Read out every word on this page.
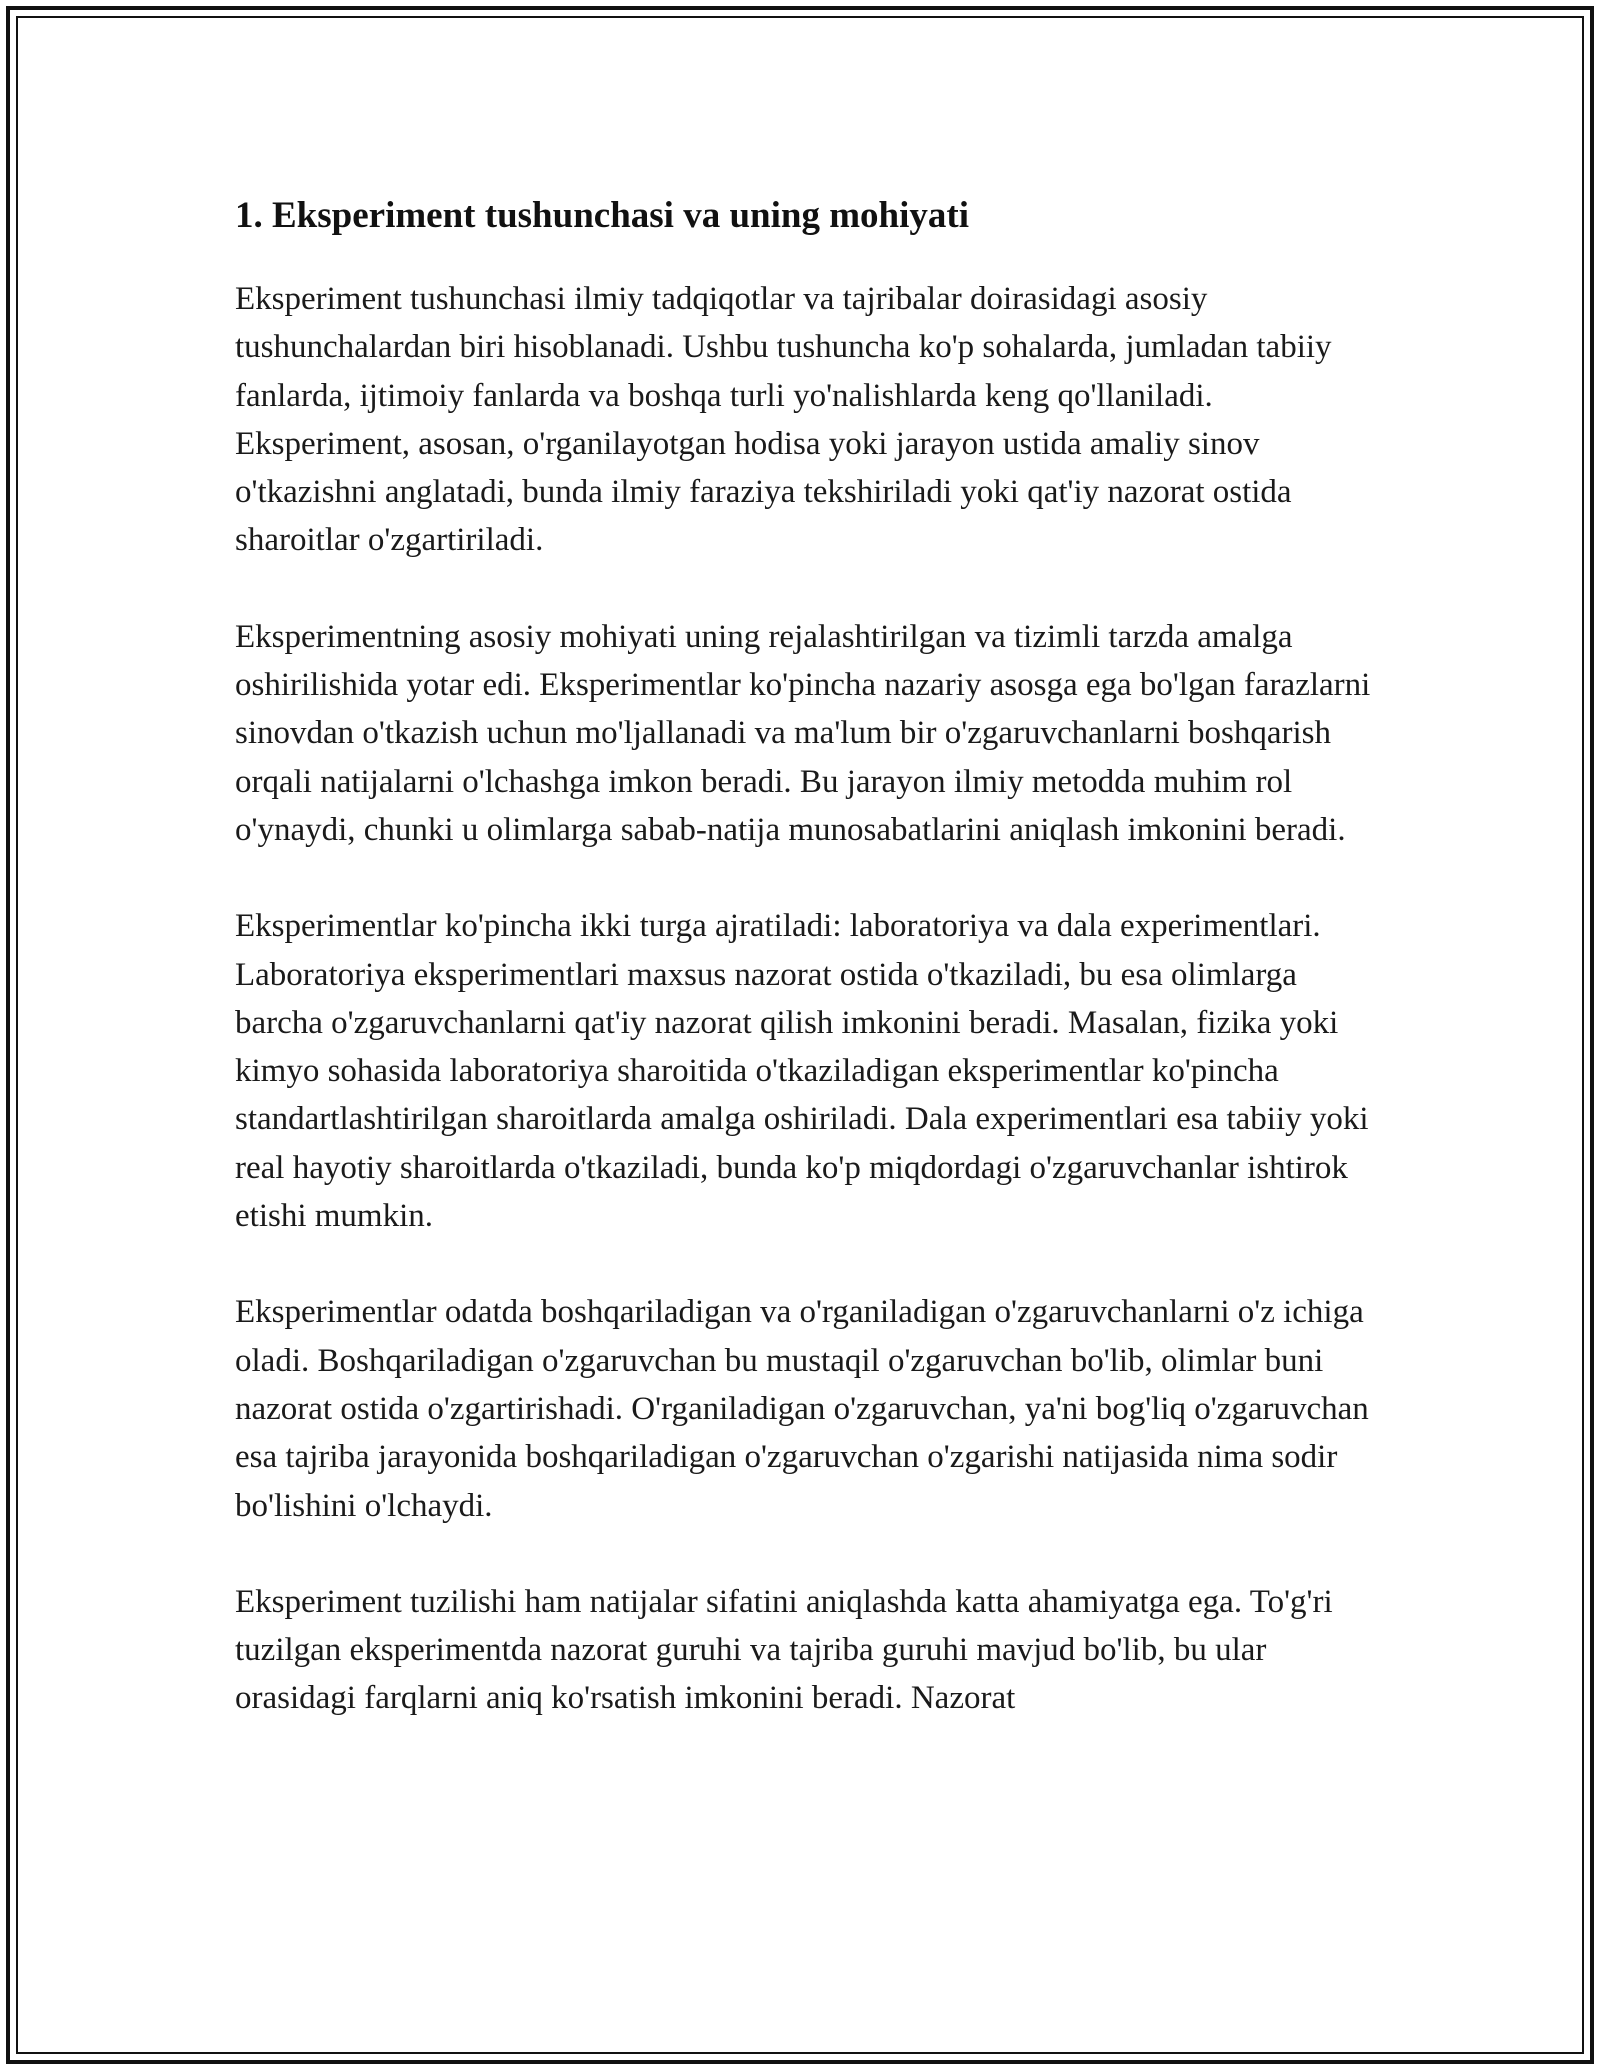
1. Eksperiment tushunchasi va uning mohiyati

Eksperiment tushunchasi ilmiy tadqiqotlar va tajribalar doirasidagi asosiy tushunchalardan biri hisoblanadi. Ushbu tushuncha ko'p sohalarda, jumladan tabiiy fanlarda, ijtimoiy fanlarda va boshqa turli yo'nalishlarda keng qo'llaniladi. Eksperiment, asosan, o'rganilayotgan hodisa yoki jarayon ustida amaliy sinov o'tkazishni anglatadi, bunda ilmiy faraziya tekshiriladi yoki qat'iy nazorat ostida sharoitlar o'zgartiriladi.

Eksperimentning asosiy mohiyati uning rejalashtirilgan va tizimli tarzda amalga oshirilishida yotar edi. Eksperimentlar ko'pincha nazariy asosga ega bo'lgan farazlarni sinovdan o'tkazish uchun mo'ljallanadi va ma'lum bir o'zgaruvchanlarni boshqarish orqali natijalarni o'lchashga imkon beradi. Bu jarayon ilmiy metodda muhim rol o'ynaydi, chunki u olimlarga sabab-natija munosabatlarini aniqlash imkonini beradi.

Eksperimentlar ko'pincha ikki turga ajratiladi: laboratoriya va dala experimentlari. Laboratoriya eksperimentlari maxsus nazorat ostida o'tkaziladi, bu esa olimlarga barcha o'zgaruvchanlarni qat'iy nazorat qilish imkonini beradi. Masalan, fizika yoki kimyo sohasida laboratoriya sharoitida o'tkaziladigan eksperimentlar ko'pincha standartlashtirilgan sharoitlarda amalga oshiriladi. Dala experimentlari esa tabiiy yoki real hayotiy sharoitlarda o'tkaziladi, bunda ko'p miqdordagi o'zgaruvchanlar ishtirok etishi mumkin.

Eksperimentlar odatda boshqariladigan va o'rganiladigan o'zgaruvchanlarni o'z ichiga oladi. Boshqariladigan o'zgaruvchan bu mustaqil o'zgaruvchan bo'lib, olimlar buni nazorat ostida o'zgartirishadi. O'rganiladigan o'zgaruvchan, ya'ni bog'liq o'zgaruvchan esa tajriba jarayonida boshqariladigan o'zgaruvchan o'zgarishi natijasida nima sodir bo'lishini o'lchaydi.

Eksperiment tuzilishi ham natijalar sifatini aniqlashda katta ahamiyatga ega. To'g'ri tuzilgan eksperimentda nazorat guruhi va tajriba guruhi mavjud bo'lib, bu ular orasidagi farqlarni aniq ko'rsatish imkonini beradi. Nazorat
